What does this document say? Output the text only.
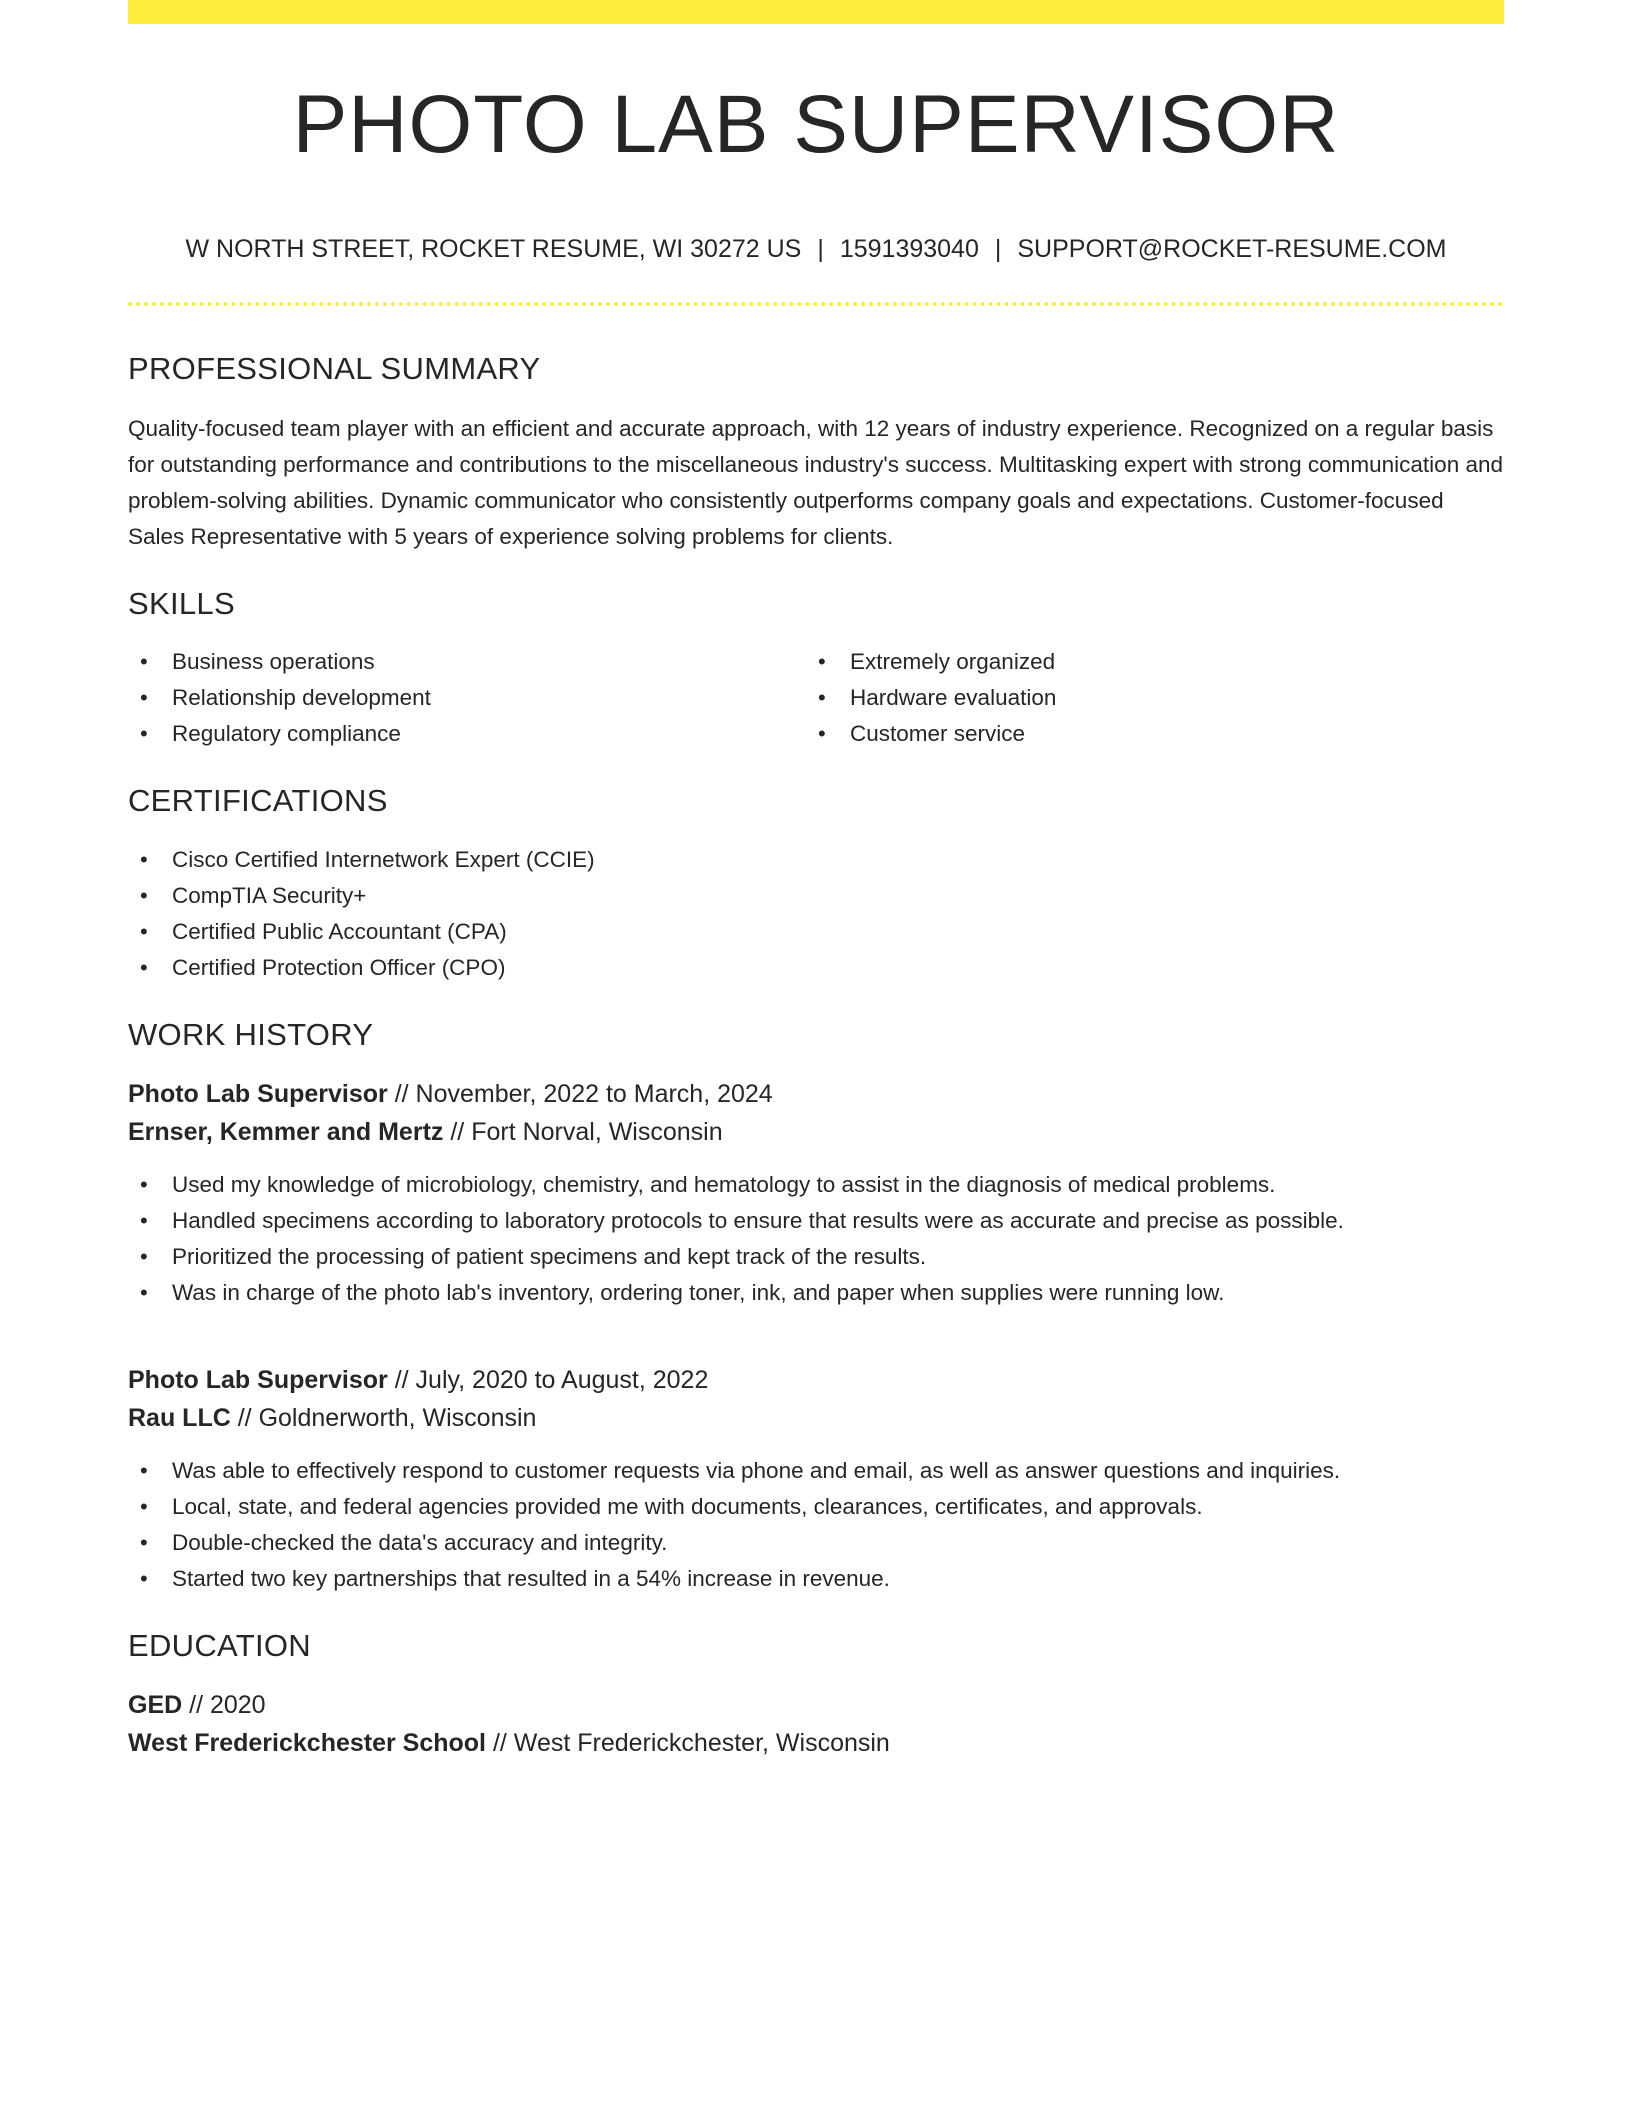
PHOTO LAB SUPERVISOR
W NORTH STREET, ROCKET RESUME, WI 30272 US | 1591393040 | SUPPORT@ROCKET-RESUME.COM
PROFESSIONAL SUMMARY

Quality-focused team player with an efficient and accurate approach, with 12 years of industry experience. Recognized on a regular basis for outstanding performance and contributions to the miscellaneous industry's success. Multitasking expert with strong communication and problem-solving abilities. Dynamic communicator who consistently outperforms company goals and expectations. Customer-focused Sales Representative with 5 years of experience solving problems for clients.

SKILLS
• Business operations
• Relationship development
• Regulatory compliance
• Extremely organized
• Hardware evaluation
• Customer service
CERTIFICATIONS
• Cisco Certified Internetwork Expert (CCIE)
• CompTIA Security+
• Certified Public Accountant (CPA)
• Certified Protection Officer (CPO)
WORK HISTORY
Photo Lab Supervisor // November, 2022 to March, 2024
Ernser, Kemmer and Mertz // Fort Norval, Wisconsin
• Used my knowledge of microbiology, chemistry, and hematology to assist in the diagnosis of medical problems.
• Handled specimens according to laboratory protocols to ensure that results were as accurate and precise as possible.
• Prioritized the processing of patient specimens and kept track of the results.
• Was in charge of the photo lab's inventory, ordering toner, ink, and paper when supplies were running low.
Photo Lab Supervisor // July, 2020 to August, 2022
Rau LLC // Goldnerworth, Wisconsin
• Was able to effectively respond to customer requests via phone and email, as well as answer questions and inquiries.
• Local, state, and federal agencies provided me with documents, clearances, certificates, and approvals.
• Double-checked the data's accuracy and integrity.
• Started two key partnerships that resulted in a 54% increase in revenue.
EDUCATION
GED // 2020
West Frederickchester School // West Frederickchester, Wisconsin
